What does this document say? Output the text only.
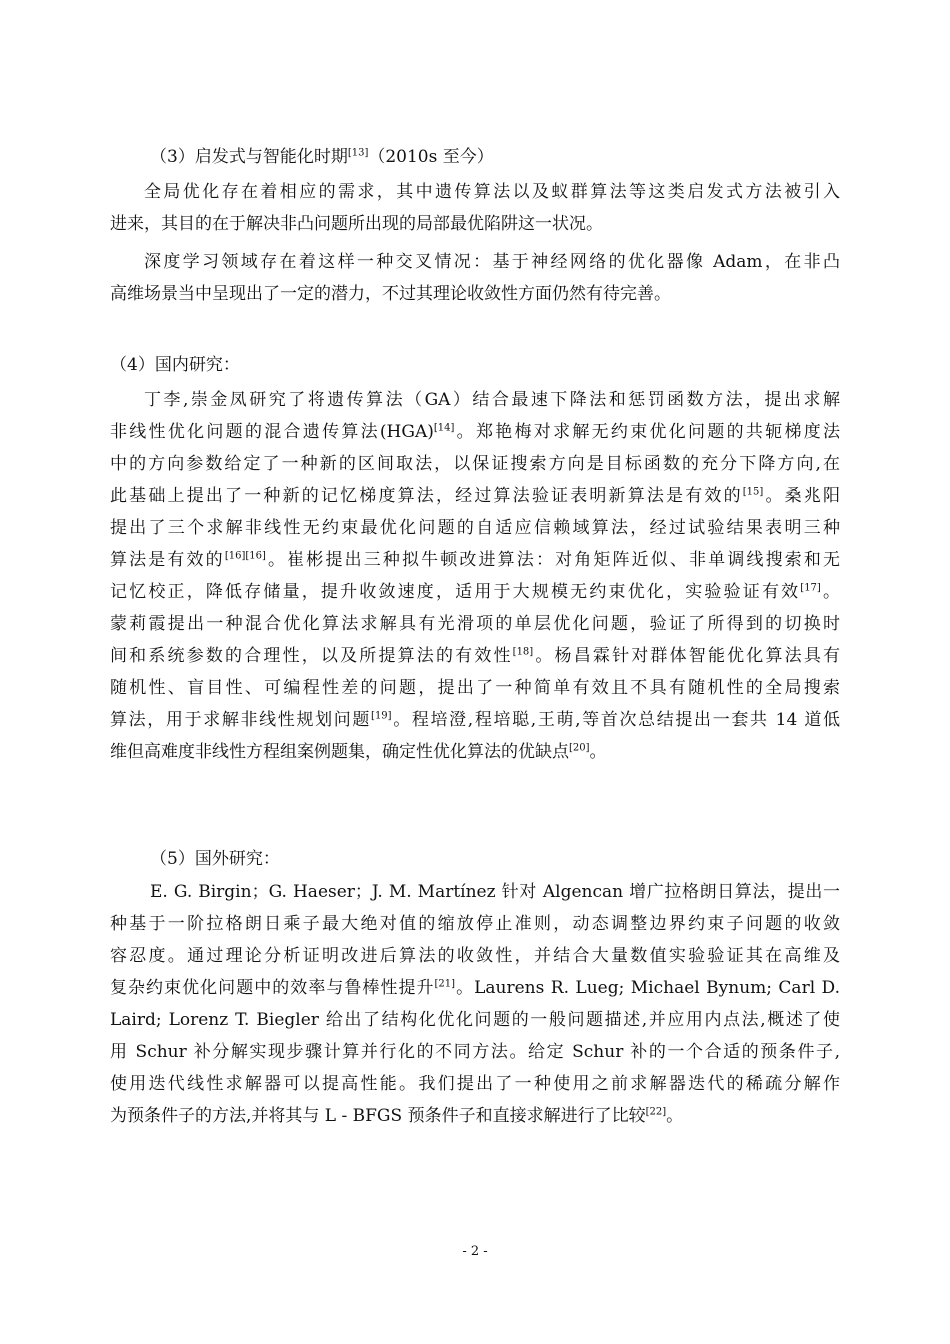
（3）启发式与智能化时期[13]（2010s 至今）
全局优化存在着相应的需求，其中遗传算法以及蚁群算法等这类启发式方法被引入
进来，其目的在于解决非凸问题所出现的局部最优陷阱这一状况。
深度学习领域存在着这样一种交叉情况：基于神经网络的优化器像 Adam，在非凸
高维场景当中呈现出了一定的潜力，不过其理论收敛性方面仍然有待完善。
（4）国内研究：
丁李,崇金凤研究了将遗传算法（GA）结合最速下降法和惩罚函数方法，提出求解
非线性优化问题的混合遗传算法(HGA)[14]。郑艳梅对求解无约束优化问题的共轭梯度法
中的方向参数给定了一种新的区间取法，以保证搜索方向是目标函数的充分下降方向,在
此基础上提出了一种新的记忆梯度算法，经过算法验证表明新算法是有效的[15]。桑兆阳
提出了三个求解非线性无约束最优化问题的自适应信赖域算法，经过试验结果表明三种
算法是有效的[16][16]。崔彬提出三种拟牛顿改进算法：对角矩阵近似、非单调线搜索和无
记忆校正，降低存储量，提升收敛速度，适用于大规模无约束优化，实验验证有效[17]。
蒙莉霞提出一种混合优化算法求解具有光滑项的单层优化问题，验证了所得到的切换时
间和系统参数的合理性，以及所提算法的有效性[18]。杨昌霖针对群体智能优化算法具有
随机性、盲目性、可编程性差的问题，提出了一种简单有效且不具有随机性的全局搜索
算法，用于求解非线性规划问题[19]。程培澄,程培聪,王萌,等首次总结提出一套共 14 道低
维但高难度非线性方程组案例题集，确定性优化算法的优缺点[20]。
（5）国外研究：
E. G. Birgin；G. Haeser；J. M. Martínez 针对 Algencan 增广拉格朗日算法，提出一
种基于一阶拉格朗日乘子最大绝对值的缩放停止准则，动态调整边界约束子问题的收敛
容忍度。通过理论分析证明改进后算法的收敛性，并结合大量数值实验验证其在高维及
复杂约束优化问题中的效率与鲁棒性提升[21]。Laurens R. Lueg; Michael Bynum; Carl D.
Laird; Lorenz T. Biegler 给出了结构化优化问题的一般问题描述,并应用内点法,概述了使
用 Schur 补分解实现步骤计算并行化的不同方法。给定 Schur 补的一个合适的预条件子,
使用迭代线性求解器可以提高性能。我们提出了一种使用之前求解器迭代的稀疏分解作
为预条件子的方法,并将其与 L - BFGS 预条件子和直接求解进行了比较[22]。
- 2 -
